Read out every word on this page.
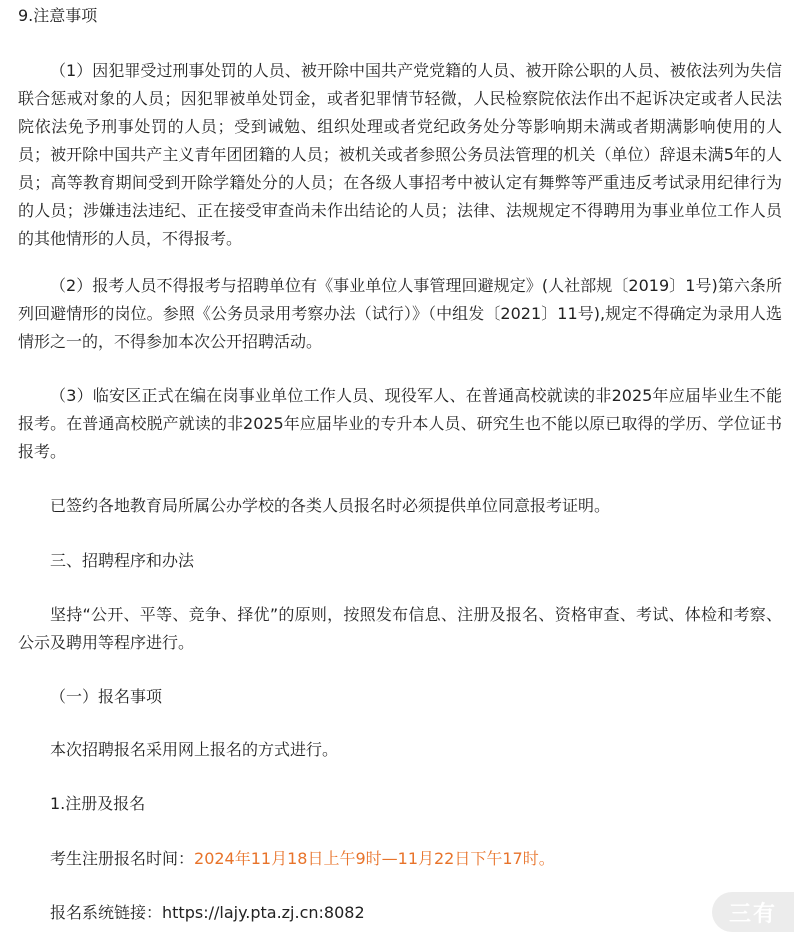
9.注意事项

（1）因犯罪受过刑事处罚的人员、被开除中国共产党党籍的人员、被开除公职的人员、被依法列为失信联合惩戒对象的人员；因犯罪被单处罚金，或者犯罪情节轻微，人民检察院依法作出不起诉决定或者人民法院依法免予刑事处罚的人员；受到诫勉、组织处理或者党纪政务处分等影响期未满或者期满影响使用的人员；被开除中国共产主义青年团团籍的人员；被机关或者参照公务员法管理的机关（单位）辞退未满5年的人员；高等教育期间受到开除学籍处分的人员；在各级人事招考中被认定有舞弊等严重违反考试录用纪律行为的人员；涉嫌违法违纪、正在接受审查尚未作出结论的人员；法律、法规规定不得聘用为事业单位工作人员的其他情形的人员，不得报考。

（2）报考人员不得报考与招聘单位有《事业单位人事管理回避规定》(人社部规〔2019〕1号)第六条所列回避情形的岗位。参照《公务员录用考察办法（试行）》（中组发〔2021〕11号),规定不得确定为录用人选情形之一的，不得参加本次公开招聘活动。

（3）临安区正式在编在岗事业单位工作人员、现役军人、在普通高校就读的非2025年应届毕业生不能报考。在普通高校脱产就读的非2025年应届毕业的专升本人员、研究生也不能以原已取得的学历、学位证书报考。

已签约各地教育局所属公办学校的各类人员报名时必须提供单位同意报考证明。

三、招聘程序和办法

坚持“公开、平等、竞争、择优”的原则，按照发布信息、注册及报名、资格审查、考试、体检和考察、公示及聘用等程序进行。

（一）报名事项

本次招聘报名采用网上报名的方式进行。

1.注册及报名

考生注册报名时间：2024年11月18日上午9时—11月22日下午17时。

报名系统链接：https://lajy.pta.zj.cn:8082	三有
